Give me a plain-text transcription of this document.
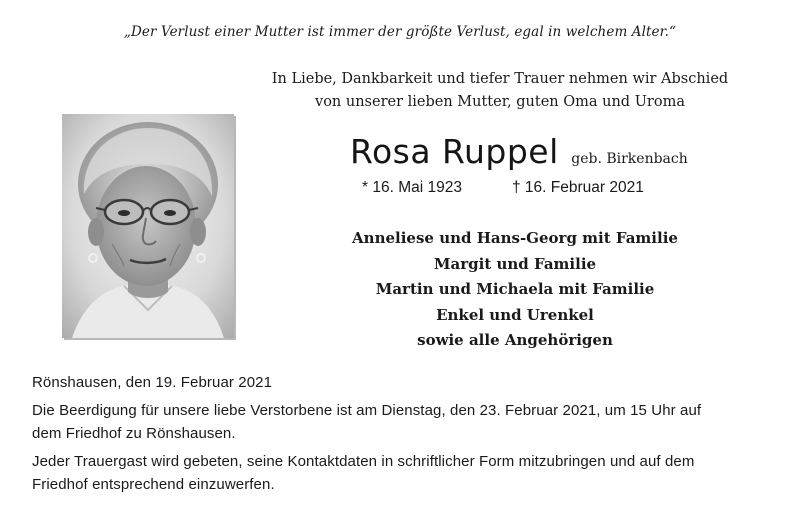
„Der Verlust einer Mutter ist immer der größte Verlust, egal in welchem Alter.“
In Liebe, Dankbarkeit und tiefer Trauer nehmen wir Abschied
von unserer lieben Mutter, guten Oma und Uroma
Rosa Ruppel geb. Birkenbach
* 16. Mai 1923	† 16. Februar 2021
Anneliese und Hans-Georg mit Familie
Margit und Familie
Martin und Michaela mit Familie
Enkel und Urenkel
sowie alle Angehörigen
Rönshausen, den 19. Februar 2021
Die Beerdigung für unsere liebe Verstorbene ist am Dienstag, den 23. Februar 2021, um 15 Uhr auf
dem Friedhof zu Rönshausen.
Jeder Trauergast wird gebeten, seine Kontaktdaten in schriftlicher Form mitzubringen und auf dem
Friedhof entsprechend einzuwerfen.
